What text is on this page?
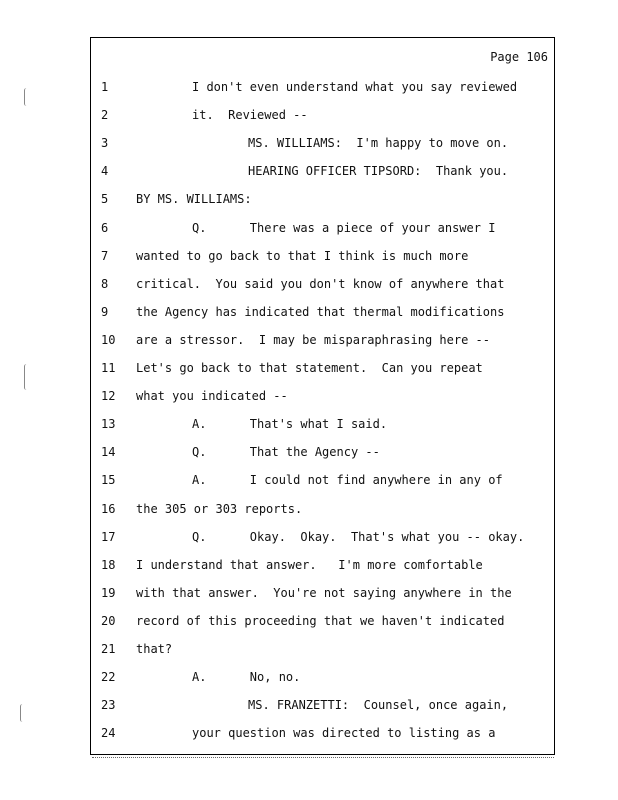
Page 106
1	I don't even understand what you say reviewed
2	it.  Reviewed --
3	MS. WILLIAMS:  I'm happy to move on.
4	HEARING OFFICER TIPSORD:  Thank you.
5	BY MS. WILLIAMS:
6	Q.      There was a piece of your answer I
7	wanted to go back to that I think is much more
8	critical.  You said you don't know of anywhere that
9	the Agency has indicated that thermal modifications
10	are a stressor.  I may be misparaphrasing here --
11	Let's go back to that statement.  Can you repeat
12	what you indicated --
13	A.      That's what I said.
14	Q.      That the Agency --
15	A.      I could not find anywhere in any of
16	the 305 or 303 reports.
17	Q.      Okay.  Okay.  That's what you -- okay.
18	I understand that answer.   I'm more comfortable
19	with that answer.  You're not saying anywhere in the
20	record of this proceeding that we haven't indicated
21	that?
22	A.      No, no.
23	MS. FRANZETTI:  Counsel, once again,
24	your question was directed to listing as a
